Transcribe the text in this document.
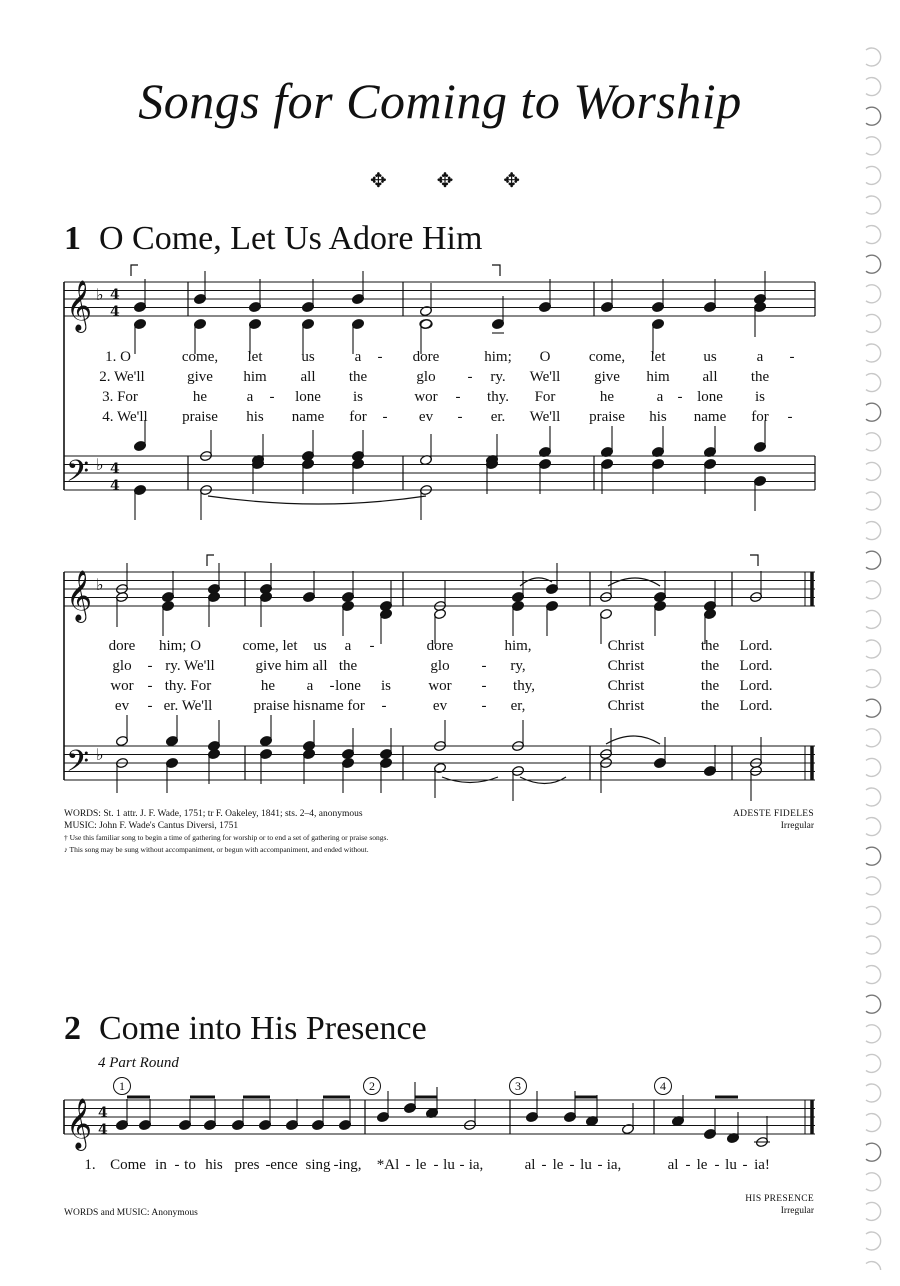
Songs for Coming to Worship
✥ ✥ ✥
1 O Come, Let Us Adore Him
𝄞
𝄢
♭
♭
4
4
4
4
𝄞
𝄢
♭
♭
𝄞 4
4
1. O	come, let	us	a - dore	him; O	come, let	us	a -
2. We'll	give him all the	glo - ry. We'll give him all the
3. For	he	a - lone is	wor - thy. For	he	a - lone is
4. We'll praise his name for - ev - er. We'll praise his name for -
dore him; O	come, let us a -	dore	him,	Christ	the Lord.
glo - ry. We'll	give him all the	glo - ry,	Christ	the Lord.
wor - thy. For	he a - lone is wor - thy,	Christ	the Lord.
ev - er. We'll	praise his name for -	ev - er,	Christ	the Lord.
WORDS: St. 1 attr. J. F. Wade, 1751; tr F. Oakeley, 1841; sts. 2–4, anonymous
MUSIC: John F. Wade's Cantus Diversi, 1751
† Use this familiar song to begin a time of gathering for worship or to end a set of gathering or praise songs.
♪ This song may be sung without accompaniment, or begun with accompaniment, and ended without.
ADESTE FIDELES
Irregular
2 Come into His Presence
4 Part Round
1	2	3	4
1. Come in - to his pres - ence sing - ing, *Al - le - lu - ia,	al - le - lu - ia,	al - le - lu - ia!
WORDS and MUSIC: Anonymous
HIS PRESENCE
Irregular
